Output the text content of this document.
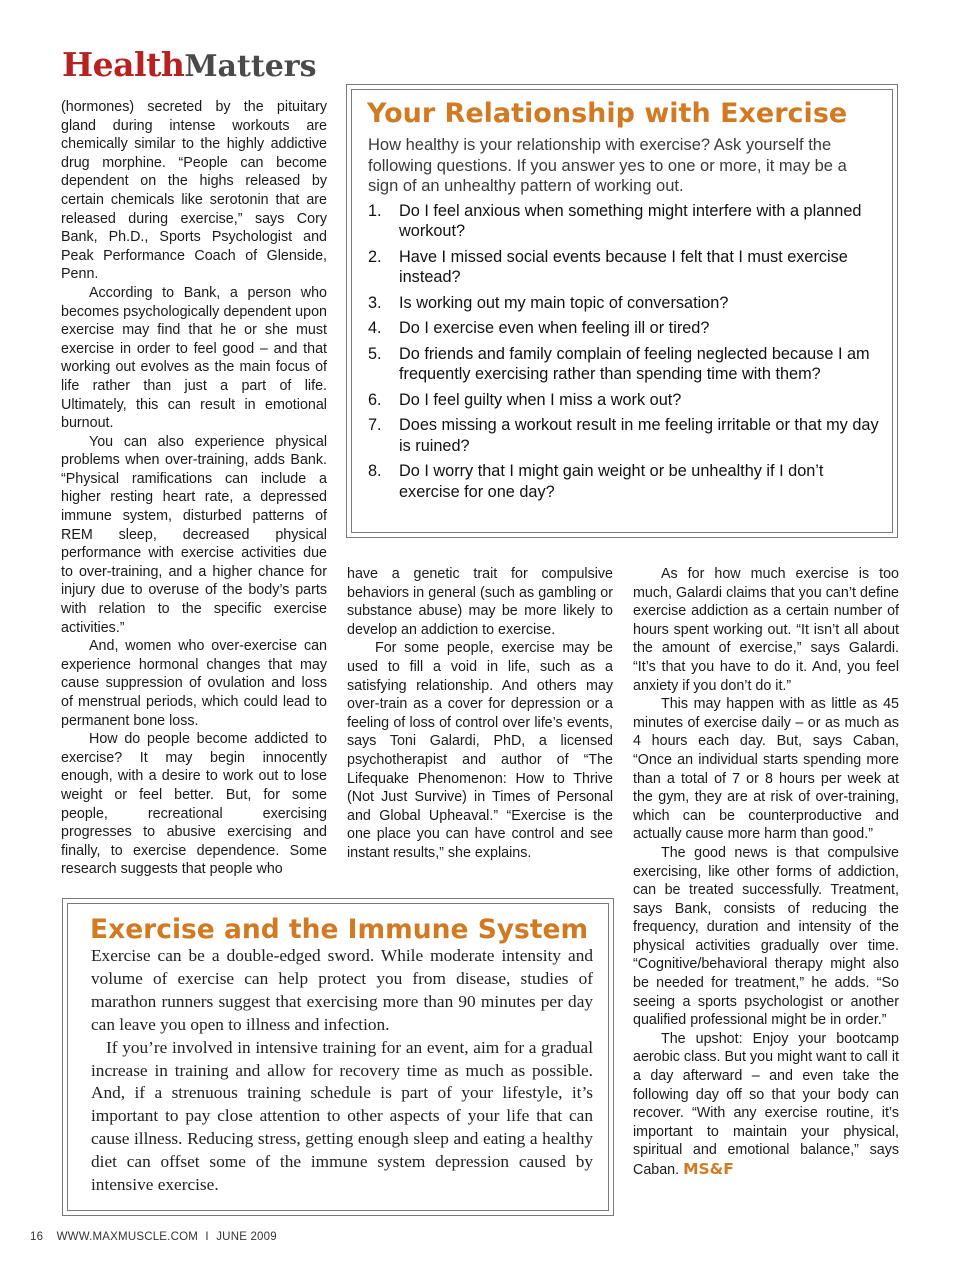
HealthMatters

(hormones) secreted by the pituitary gland during intense workouts are chemically similar to the highly addictive drug morphine. “People can become dependent on the highs released by certain chemicals like serotonin that are released during exercise,” says Cory Bank, Ph.D., Sports Psychologist and Peak Performance Coach of Glenside, Penn.

According to Bank, a person who becomes psychologically dependent upon exercise may find that he or she must exercise in order to feel good – and that working out evolves as the main focus of life rather than just a part of life. Ultimately, this can result in emotional burnout.

You can also experience physical problems when over-training, adds Bank. “Physical ramifications can include a higher resting heart rate, a depressed immune system, disturbed patterns of REM sleep, decreased physical performance with exercise activities due to over-training, and a higher chance for injury due to overuse of the body’s parts with relation to the specific exercise activities.”

And, women who over-exercise can experience hormonal changes that may cause suppression of ovulation and loss of menstrual periods, which could lead to permanent bone loss.

How do people become addicted to exercise? It may begin innocently enough, with a desire to work out to lose weight or feel better. But, for some people, recreational exercising progresses to abusive exercising and finally, to exercise dependence. Some research suggests that people who

Your Relationship with Exercise

How healthy is your relationship with exercise? Ask yourself the following questions. If you answer yes to one or more, it may be a sign of an unhealthy pattern of working out.

1. Do I feel anxious when something might interfere with a planned workout?
2. Have I missed social events because I felt that I must exercise instead?
3. Is working out my main topic of conversation?
4. Do I exercise even when feeling ill or tired?
5. Do friends and family complain of feeling neglected because I am frequently exercising rather than spending time with them?
6. Do I feel guilty when I miss a work out?
7. Does missing a workout result in me feeling irritable or that my day is ruined?
8. Do I worry that I might gain weight or be unhealthy if I don’t exercise for one day?

have a genetic trait for compulsive behaviors in general (such as gambling or substance abuse) may be more likely to develop an addiction to exercise.

For some people, exercise may be used to fill a void in life, such as a satisfying relationship. And others may over-train as a cover for depression or a feeling of loss of control over life’s events, says Toni Galardi, PhD, a licensed psychotherapist and author of “The Lifequake Phenomenon: How to Thrive (Not Just Survive) in Times of Personal and Global Upheaval.” “Exercise is the one place you can have control and see instant results,” she explains.

As for how much exercise is too much, Galardi claims that you can’t define exercise addiction as a certain number of hours spent working out. “It isn’t all about the amount of exercise,” says Galardi. “It’s that you have to do it. And, you feel anxiety if you don’t do it.”

This may happen with as little as 45 minutes of exercise daily – or as much as 4 hours each day. But, says Caban, “Once an individual starts spending more than a total of 7 or 8 hours per week at the gym, they are at risk of over-training, which can be counterproductive and actually cause more harm than good.”

The good news is that compulsive exercising, like other forms of addiction, can be treated successfully. Treatment, says Bank, consists of reducing the frequency, duration and intensity of the physical activities gradually over time. “Cognitive/behavioral therapy might also be needed for treatment,” he adds. “So seeing a sports psychologist or another qualified professional might be in order.”

The upshot: Enjoy your bootcamp aerobic class. But you might want to call it a day afterward – and even take the following day off so that your body can recover. “With any exercise routine, it’s important to maintain your physical, spiritual and emotional balance,” says Caban. MS&F

Exercise and the Immune System

Exercise can be a double-edged sword. While moderate intensity and volume of exercise can help protect you from disease, studies of marathon runners suggest that exercising more than 90 minutes per day can leave you open to illness and infection.

If you’re involved in intensive training for an event, aim for a gradual increase in training and allow for recovery time as much as possible. And, if a strenuous training schedule is part of your lifestyle, it’s important to pay close attention to other aspects of your life that can cause illness. Reducing stress, getting enough sleep and eating a healthy diet can offset some of the immune system depression caused by intensive exercise.

16 WWW.MAXMUSCLE.COM I JUNE 2009
